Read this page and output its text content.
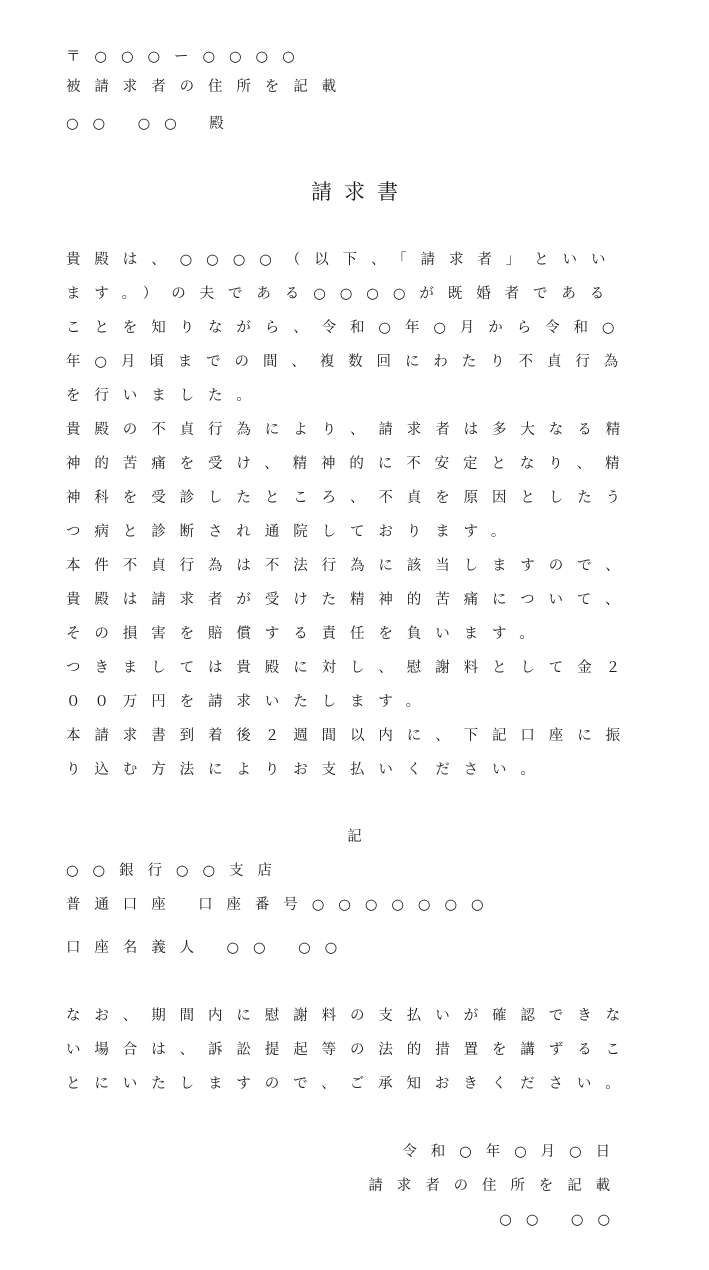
〒○○○ー○○○○
被請求者の住所を記載
○○ ○○ 殿
請求書
貴殿は、○○○○（以下、「請求者」といい
ます。）の夫である○○○○が既婚者である
ことを知りながら、令和○年○月から令和○
年○月頃までの間、複数回にわたり不貞行為
を行いました。
貴殿の不貞行為により、請求者は多大なる精
神的苦痛を受け、精神的に不安定となり、精
神科を受診したところ、不貞を原因としたう
つ病と診断され通院しております。
本件不貞行為は不法行為に該当しますので、
貴殿は請求者が受けた精神的苦痛について、
その損害を賠償する責任を負います。
つきましては貴殿に対し、慰謝料として金２
００万円を請求いたします。
本請求書到着後２週間以内に、下記口座に振
り込む方法によりお支払いください。
記
○○銀行○○支店
普通口座 口座番号○○○○○○○
口座名義人 ○○ ○○
なお、期間内に慰謝料の支払いが確認できな
い場合は、訴訟提起等の法的措置を講ずるこ
とにいたしますので、ご承知おきください。
令和○年○月○日
請求者の住所を記載
○○ ○○
